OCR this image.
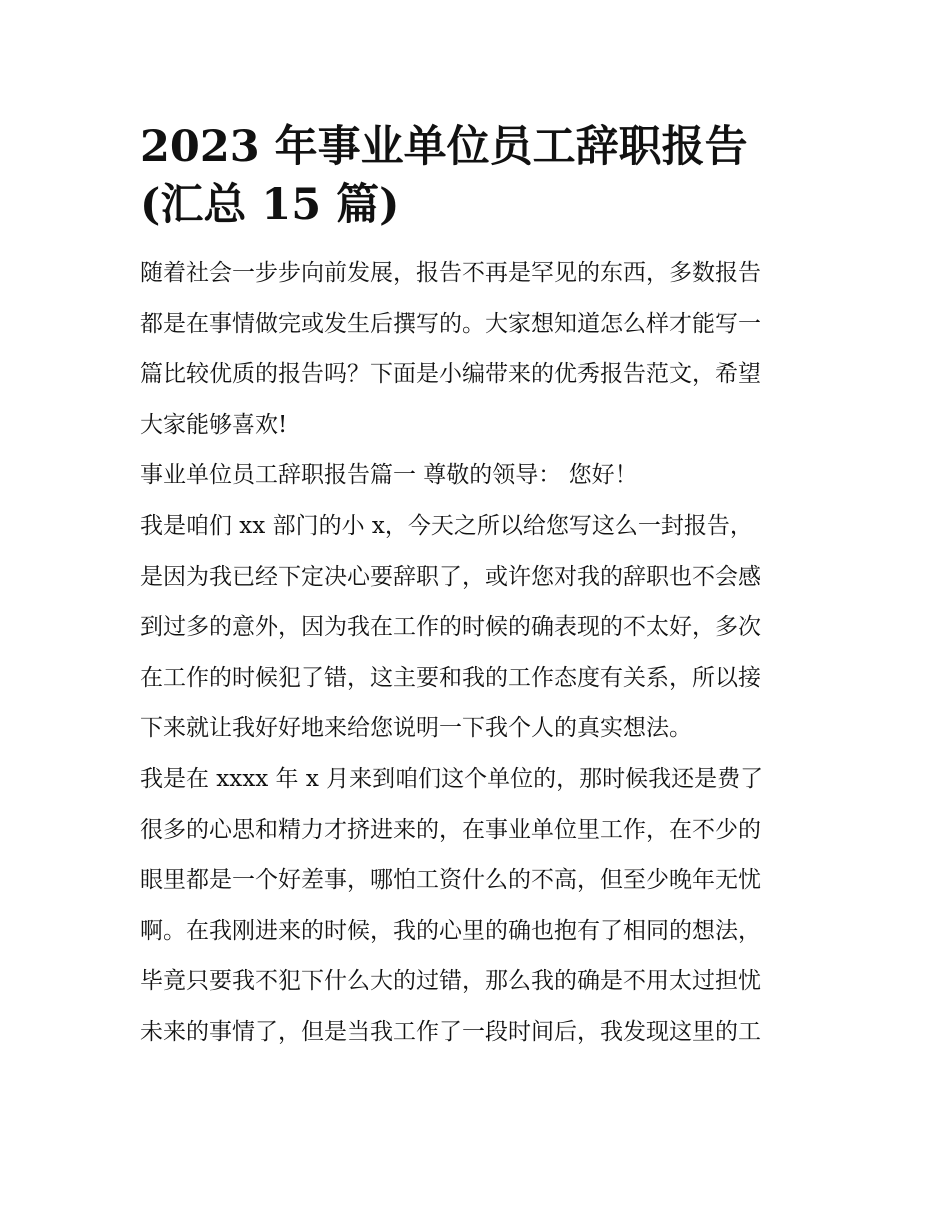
2023 年事业单位员工辞职报告
(汇总 15 篇)

随着社会一步步向前发展，报告不再是罕见的东西，多数报告
都是在事情做完或发生后撰写的。大家想知道怎么样才能写一
篇比较优质的报告吗？下面是小编带来的优秀报告范文，希望
大家能够喜欢!

事业单位员工辞职报告篇一 尊敬的领导： 您好！

我是咱们 xx 部门的小 x，今天之所以给您写这么一封报告，
是因为我已经下定决心要辞职了，或许您对我的辞职也不会感
到过多的意外，因为我在工作的时候的确表现的不太好，多次
在工作的时候犯了错，这主要和我的工作态度有关系，所以接
下来就让我好好地来给您说明一下我个人的真实想法。

我是在 xxxx 年 x 月来到咱们这个单位的，那时候我还是费了
很多的心思和精力才挤进来的，在事业单位里工作，在不少的
眼里都是一个好差事，哪怕工资什么的不高，但至少晚年无忧
啊。在我刚进来的时候，我的心里的确也抱有了相同的想法，
毕竟只要我不犯下什么大的过错，那么我的确是不用太过担忧
未来的事情了，但是当我工作了一段时间后，我发现这里的工
